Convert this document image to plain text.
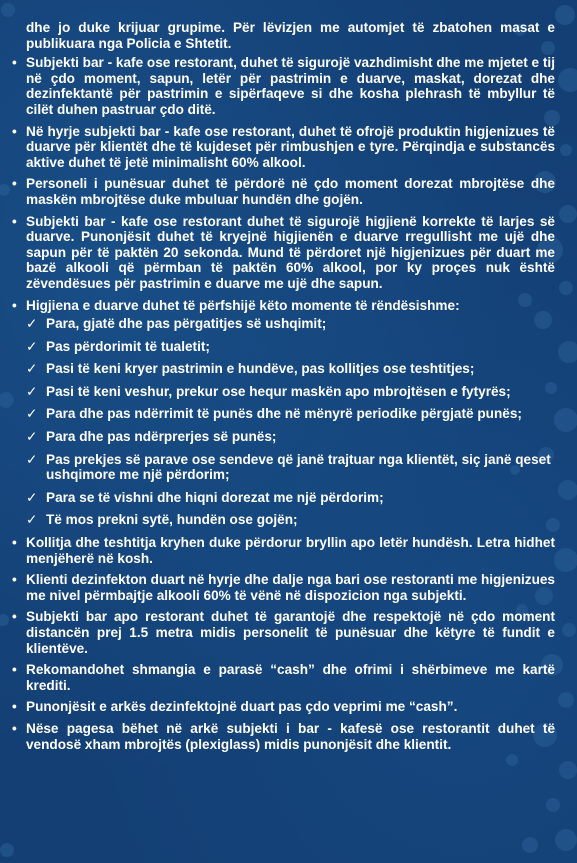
dhe jo duke krijuar grupime. Për lëvizjen me automjet të zbatohen masat e publikuara nga Policia e Shtetit.

• Subjekti bar - kafe ose restorant, duhet të sigurojë vazhdimisht dhe me mjetet e tij në çdo moment, sapun, letër për pastrimin e duarve, maskat, dorezat dhe dezinfektantë për pastrimin e sipërfaqeve si dhe kosha plehrash të mbyllur të cilët duhen pastruar çdo ditë.
• Në hyrje subjekti bar - kafe ose restorant, duhet të ofrojë produktin higjenizues të duarve për klientët dhe të kujdeset për rimbushjen e tyre. Përqindja e substancës aktive duhet të jetë minimalisht 60% alkool.
• Personeli i punësuar duhet të përdorë në çdo moment dorezat mbrojtëse dhe maskën mbrojtëse duke mbuluar hundën dhe gojën.
• Subjekti bar - kafe ose restorant duhet të sigurojë higjienë korrekte të larjes së duarve. Punonjësit duhet të kryejnë higjienën e duarve rregullisht me ujë dhe sapun për të paktën 20 sekonda. Mund të përdoret një higjenizues për duart me bazë alkooli që përmban të paktën 60% alkool, por ky proçes nuk është zëvendësues për pastrimin e duarve me ujë dhe sapun.
• Higjiena e duarve duhet të përfshijë këto momente të rëndësishme:
✓ Para, gjatë dhe pas përgatitjes së ushqimit;
✓ Pas përdorimit të tualetit;
✓ Pasi të keni kryer pastrimin e hundëve, pas kollitjes ose teshtitjes;
✓ Pasi të keni veshur, prekur ose hequr maskën apo mbrojtësen e fytyrës;
✓ Para dhe pas ndërrimit të punës dhe në mënyrë periodike përgjatë punës;
✓ Para dhe pas ndërprerjes së punës;
✓ Pas prekjes së parave ose sendeve që janë trajtuar nga klientët, siç janë qeset ushqimore me një përdorim;
✓ Para se të vishni dhe hiqni dorezat me një përdorim;
✓ Të mos prekni sytë, hundën ose gojën;
• Kollitja dhe teshtitja kryhen duke përdorur bryllin apo letër hundësh. Letra hidhet menjëherë në kosh.
• Klienti dezinfekton duart në hyrje dhe dalje nga bari ose restoranti me higjenizues me nivel përmbajtje alkooli 60% të vënë në dispozicion nga subjekti.
• Subjekti bar apo restorant duhet të garantojë dhe respektojë në çdo moment distancën prej 1.5 metra midis personelit të punësuar dhe këtyre të fundit e klientëve.
• Rekomandohet shmangia e parasë “cash” dhe ofrimi i shërbimeve me kartë krediti.
• Punonjësit e arkës dezinfektojnë duart pas çdo veprimi me “cash”.
• Nëse pagesa bëhet në arkë subjekti i bar - kafesë ose restorantit duhet të vendosë xham mbrojtës (plexiglass) midis punonjësit dhe klientit.
